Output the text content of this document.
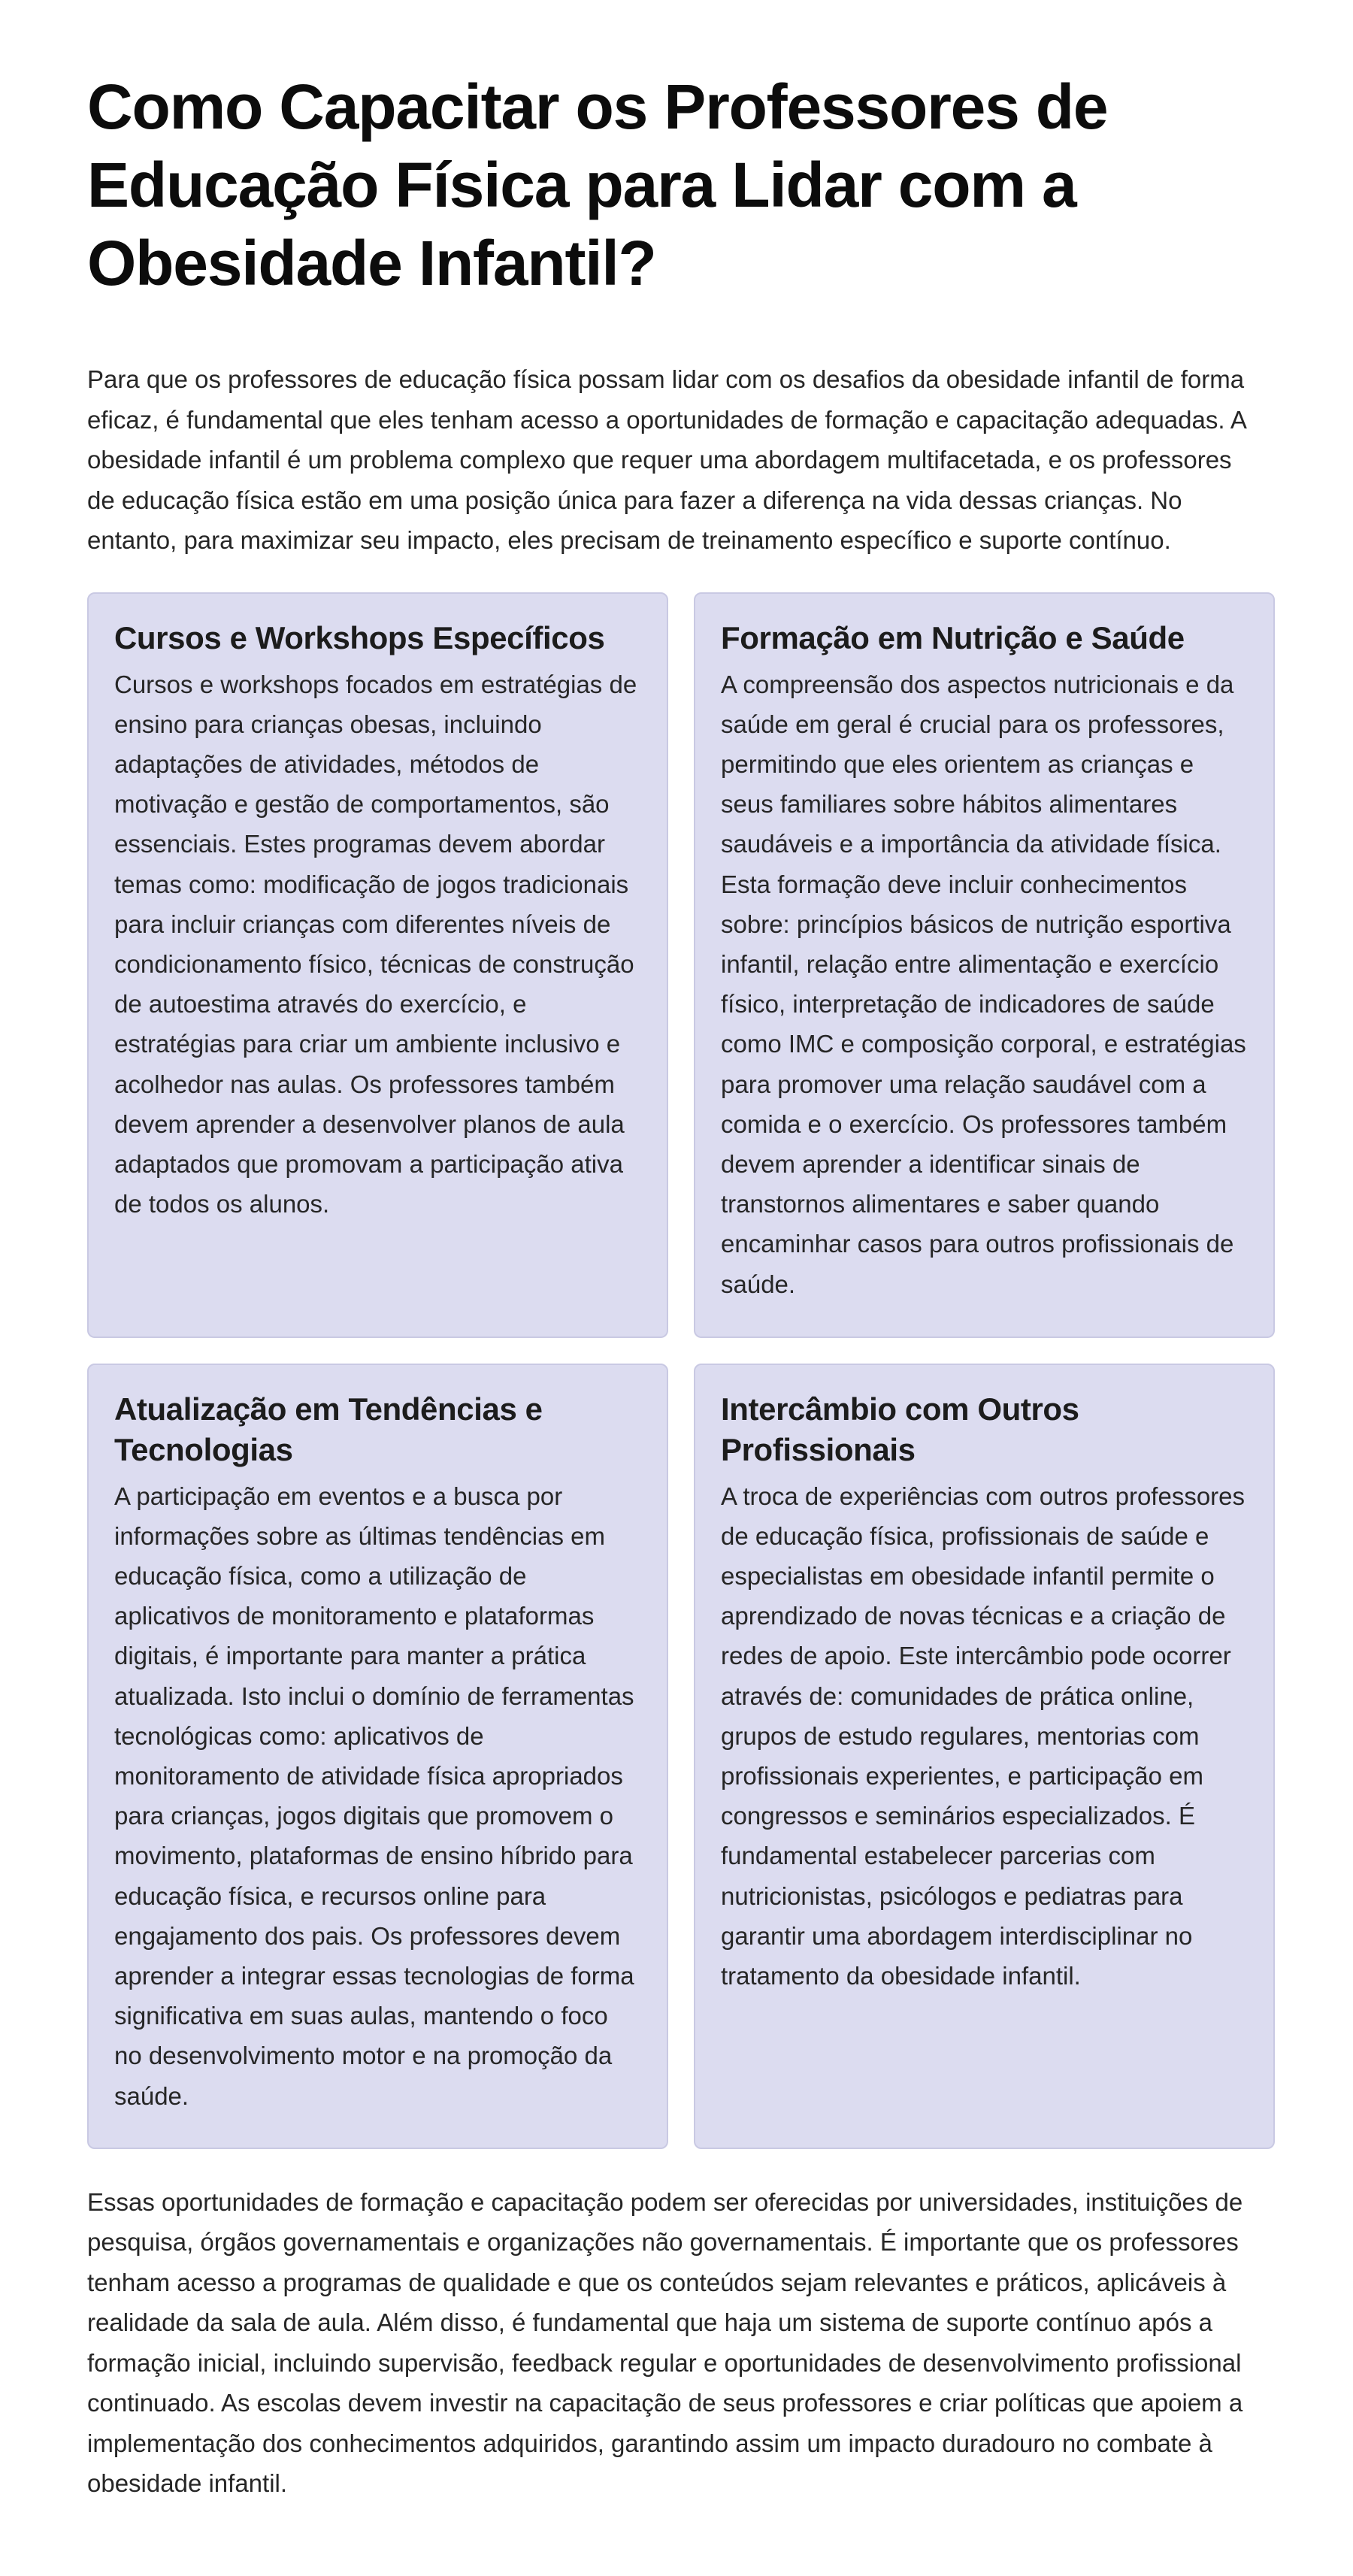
Como Capacitar os Professores de Educação Física para Lidar com a Obesidade Infantil?

Para que os professores de educação física possam lidar com os desafios da obesidade infantil de forma eficaz, é fundamental que eles tenham acesso a oportunidades de formação e capacitação adequadas. A obesidade infantil é um problema complexo que requer uma abordagem multifacetada, e os professores de educação física estão em uma posição única para fazer a diferença na vida dessas crianças. No entanto, para maximizar seu impacto, eles precisam de treinamento específico e suporte contínuo.

Cursos e Workshops Específicos

Cursos e workshops focados em estratégias de ensino para crianças obesas, incluindo adaptações de atividades, métodos de motivação e gestão de comportamentos, são essenciais. Estes programas devem abordar temas como: modificação de jogos tradicionais para incluir crianças com diferentes níveis de condicionamento físico, técnicas de construção de autoestima através do exercício, e estratégias para criar um ambiente inclusivo e acolhedor nas aulas. Os professores também devem aprender a desenvolver planos de aula adaptados que promovam a participação ativa de todos os alunos.

Formação em Nutrição e Saúde

A compreensão dos aspectos nutricionais e da saúde em geral é crucial para os professores, permitindo que eles orientem as crianças e seus familiares sobre hábitos alimentares saudáveis e a importância da atividade física. Esta formação deve incluir conhecimentos sobre: princípios básicos de nutrição esportiva infantil, relação entre alimentação e exercício físico, interpretação de indicadores de saúde como IMC e composição corporal, e estratégias para promover uma relação saudável com a comida e o exercício. Os professores também devem aprender a identificar sinais de transtornos alimentares e saber quando encaminhar casos para outros profissionais de saúde.

Atualização em Tendências e Tecnologias

A participação em eventos e a busca por informações sobre as últimas tendências em educação física, como a utilização de aplicativos de monitoramento e plataformas digitais, é importante para manter a prática atualizada. Isto inclui o domínio de ferramentas tecnológicas como: aplicativos de monitoramento de atividade física apropriados para crianças, jogos digitais que promovem o movimento, plataformas de ensino híbrido para educação física, e recursos online para engajamento dos pais. Os professores devem aprender a integrar essas tecnologias de forma significativa em suas aulas, mantendo o foco no desenvolvimento motor e na promoção da saúde.

Intercâmbio com Outros Profissionais

A troca de experiências com outros professores de educação física, profissionais de saúde e especialistas em obesidade infantil permite o aprendizado de novas técnicas e a criação de redes de apoio. Este intercâmbio pode ocorrer através de: comunidades de prática online, grupos de estudo regulares, mentorias com profissionais experientes, e participação em congressos e seminários especializados. É fundamental estabelecer parcerias com nutricionistas, psicólogos e pediatras para garantir uma abordagem interdisciplinar no tratamento da obesidade infantil.

Essas oportunidades de formação e capacitação podem ser oferecidas por universidades, instituições de pesquisa, órgãos governamentais e organizações não governamentais. É importante que os professores tenham acesso a programas de qualidade e que os conteúdos sejam relevantes e práticos, aplicáveis à realidade da sala de aula. Além disso, é fundamental que haja um sistema de suporte contínuo após a formação inicial, incluindo supervisão, feedback regular e oportunidades de desenvolvimento profissional continuado. As escolas devem investir na capacitação de seus professores e criar políticas que apoiem a implementação dos conhecimentos adquiridos, garantindo assim um impacto duradouro no combate à obesidade infantil.
